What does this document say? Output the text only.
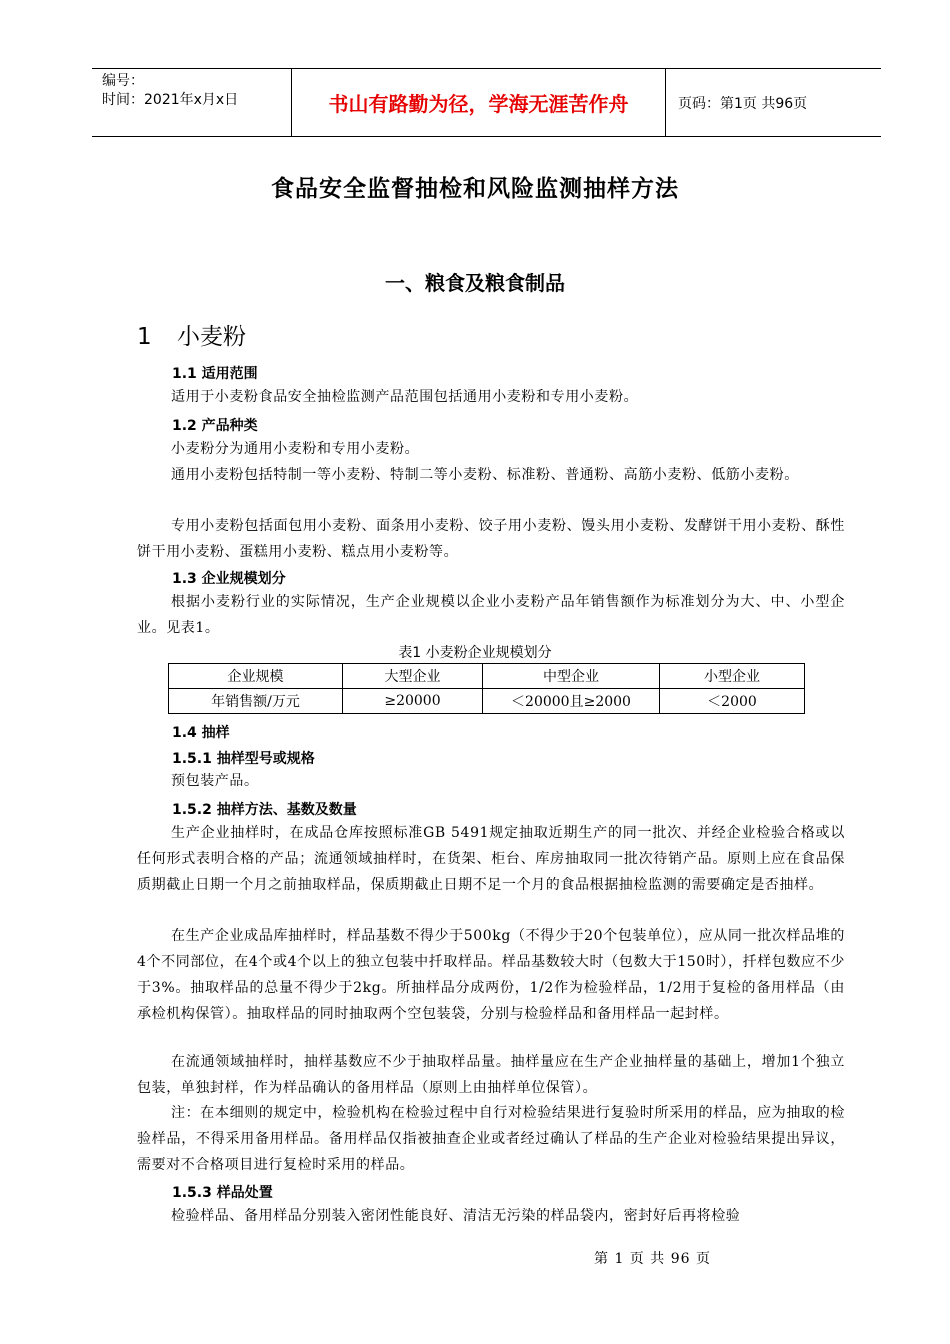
编号：
时间：2021年x月x日	书山有路勤为径，学海无涯苦作舟	页码：第1页 共96页
食品安全监督抽检和风险监测抽样方法
一、粮食及粮食制品
1 小麦粉
1.1 适用范围

适用于小麦粉食品安全抽检监测产品范围包括通用小麦粉和专用小麦粉。

1.2 产品种类

小麦粉分为通用小麦粉和专用小麦粉。

通用小麦粉包括特制一等小麦粉、特制二等小麦粉、标准粉、普通粉、高筋小麦粉、低筋小麦粉。

专用小麦粉包括面包用小麦粉、面条用小麦粉、饺子用小麦粉、馒头用小麦粉、发酵饼干用小麦粉、酥性饼干用小麦粉、蛋糕用小麦粉、糕点用小麦粉等。

1.3 企业规模划分

根据小麦粉行业的实际情况，生产企业规模以企业小麦粉产品年销售额作为标准划分为大、中、小型企业。见表1。

表1 小麦粉企业规模划分
企业规模	大型企业	中型企业	小型企业
年销售额/万元	≥20000	＜20000且≥2000	＜2000
1.4 抽样
1.5.1 抽样型号或规格

预包装产品。

1.5.2 抽样方法、基数及数量

生产企业抽样时，在成品仓库按照标准GB 5491规定抽取近期生产的同一批次、并经企业检验合格或以任何形式表明合格的产品；流通领域抽样时，在货架、柜台、库房抽取同一批次待销产品。原则上应在食品保质期截止日期一个月之前抽取样品，保质期截止日期不足一个月的食品根据抽检监测的需要确定是否抽样。

在生产企业成品库抽样时，样品基数不得少于500kg（不得少于20个包装单位），应从同一批次样品堆的4个不同部位，在4个或4个以上的独立包装中扦取样品。样品基数较大时（包数大于150时），扦样包数应不少于3%。抽取样品的总量不得少于2kg。所抽样品分成两份，1/2作为检验样品，1/2用于复检的备用样品（由承检机构保管）。抽取样品的同时抽取两个空包装袋，分别与检验样品和备用样品一起封样。

在流通领域抽样时，抽样基数应不少于抽取样品量。抽样量应在生产企业抽样量的基础上，增加1个独立包装，单独封样，作为样品确认的备用样品（原则上由抽样单位保管）。

注：在本细则的规定中，检验机构在检验过程中自行对检验结果进行复验时所采用的样品，应为抽取的检验样品，不得采用备用样品。备用样品仅指被抽查企业或者经过确认了样品的生产企业对检验结果提出异议，需要对不合格项目进行复检时采用的样品。

1.5.3 样品处置

检验样品、备用样品分别装入密闭性能良好、清洁无污染的样品袋内，密封好后再将检验

第 1 页 共 96 页
